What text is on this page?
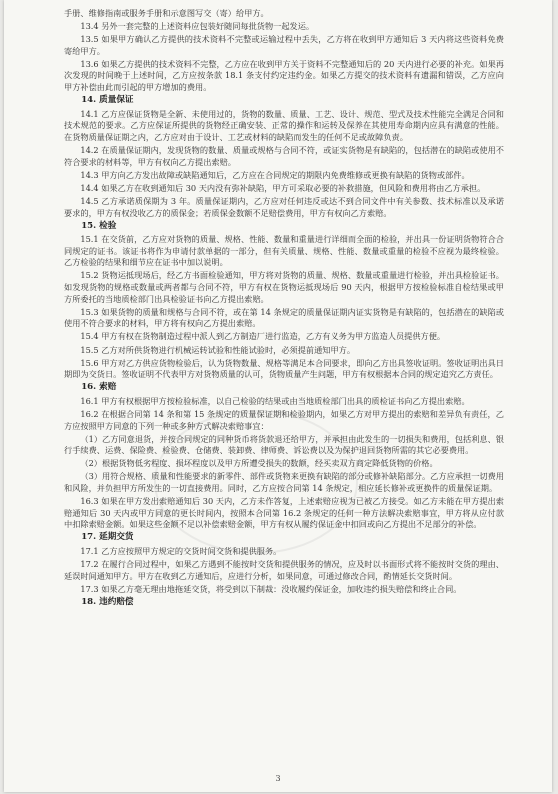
手册、维修指南或服务手册和示意图写交（寄）给甲方。
13.4 另外一套完整的上述资料应包装好随同每批货物一起发运。
13.5 如果甲方确认乙方提供的技术资料不完整或运输过程中丢失，乙方将在收到甲方通知后 3 天内将这些资料免费寄给甲方。
13.6 如果乙方提供的技术资料不完整，乙方应在收到甲方关于资料不完整通知后的 20 天内进行必要的补充。如果再次发现的时间晚于上述时间，乙方应按条款 18.1 条支付约定违约金。如果乙方提交的技术资料有遗漏和错误，乙方应向甲方补偿由此而引起的甲方增加的费用。
14. 质量保证
14.1 乙方应保证货物是全新、未使用过的，货物的数量、质量、工艺、设计、规范、型式及技术性能完全满足合同和技术规范的要求。乙方应保证所提供的货物经正确安装、正常的操作和运转及保养在其使用寿命期内应具有满意的性能。在货物质量保证期之内，乙方应对由于设计、工艺或材料的缺陷而发生的任何不足或故障负责。
14.2 在质量保证期内，发现货物的数量、质量或规格与合同不符，或证实货物是有缺陷的，包括潜在的缺陷或使用不符合要求的材料等，甲方有权向乙方提出索赔。
14.3 甲方向乙方发出故障或缺陷通知后，乙方应在合同规定的期限内免费维修或更换有缺陷的货物或部件。
14.4 如果乙方在收到通知后 30 天内没有弥补缺陷，甲方可采取必要的补救措施，但风险和费用将由乙方承担。
14.5 乙方承诺质保期为 3 年。质量保证期内，乙方应对任何违反或达不到合同文件中有关参数、技术标准以及承诺要求的，甲方有权没收乙方的质保金；若质保金数额不足赔偿费用，甲方有权向乙方索赔。
15. 检验
15.1 在交货前，乙方应对货物的质量、规格、性能、数量和重量进行详细而全面的检验，并出具一份证明货物符合合同规定的证书。该证书将作为申请付款单据的一部分，但有关质量、规格、性能、数量或重量的检验不应视为最终检验。乙方检验的结果和细节应在证书中加以说明。
15.2 货物运抵现场后，经乙方书面检验通知，甲方将对货物的质量、规格、数量或重量进行检验，并出具检验证书。如发现货物的规格或数量或两者都与合同不符，甲方有权在货物运抵现场后 90 天内，根据甲方按检验标准自检结果或甲方所委托的当地质检部门出具检验证书向乙方提出索赔。
15.3 如果货物的质量和规格与合同不符，或在第 14 条规定的质量保证期内证实货物是有缺陷的，包括潜在的缺陷或使用不符合要求的材料，甲方将有权向乙方提出索赔。
15.4 甲方有权在货物制造过程中派人到乙方制造厂进行监造，乙方有义务为甲方监造人员提供方便。
15.5 乙方对所供货物进行机械运转试验和性能试验时，必须提前通知甲方。
15.6 甲方对乙方供应货物检验后，认为货物数量、规格等满足本合同要求，即向乙方出具签收证明。签收证明出具日期即为交货日。签收证明不代表甲方对货物质量的认可，货物质量产生问题，甲方有权根据本合同的规定追究乙方责任。
16. 索赔
16.1 甲方有权根据甲方按检验标准，以自己检验的结果或由当地质检部门出具的质检证书向乙方提出索赔。
16.2 在根据合同第 14 条和第 15 条规定的质量保证期和检验期内，如果乙方对甲方提出的索赔和差异负有责任，乙方应按照甲方同意的下列一种或多种方式解决索赔事宜：
（1）乙方同意退货，并按合同规定的同种货币将货款退还给甲方，并承担由此发生的一切损失和费用，包括利息、银行手续费、运费、保险费、检验费、仓储费、装卸费、律师费、诉讼费以及为保护退回货物所需的其它必要费用。
（2）根据货物低劣程度、损坏程度以及甲方所遭受损失的数额，经买卖双方商定降低货物的价格。
（3）用符合规格、质量和性能要求的新零件、部件或货物来更换有缺陷的部分或修补缺陷部分。乙方应承担一切费用和风险，并负担甲方所发生的一切直接费用。同时，乙方应按合同第 14 条规定，相应延长修补或更换件的质量保证期。
16.3 如果在甲方发出索赔通知后 30 天内，乙方未作答复，上述索赔应视为已被乙方接受。如乙方未能在甲方提出索赔通知后 30 天内或甲方同意的更长时间内，按照本合同第 16.2 条规定的任何一种方法解决索赔事宜，甲方将从应付款中扣除索赔金额。如果这些金额不足以补偿索赔金额，甲方有权从履约保证金中扣回或向乙方提出不足部分的补偿。
17. 延期交货
17.1 乙方应按照甲方规定的交货时间交货和提供服务。
17.2 在履行合同过程中，如果乙方遇到不能按时交货和提供服务的情况，应及时以书面形式将不能按时交货的理由、延误时间通知甲方。甲方在收到乙方通知后，应进行分析，如果同意，可通过修改合同，酌情延长交货时间。
17.3 如果乙方毫无理由地拖延交货，将受到以下制裁：没收履约保证金，加收违约损失赔偿和终止合同。
18. 违约赔偿
3
